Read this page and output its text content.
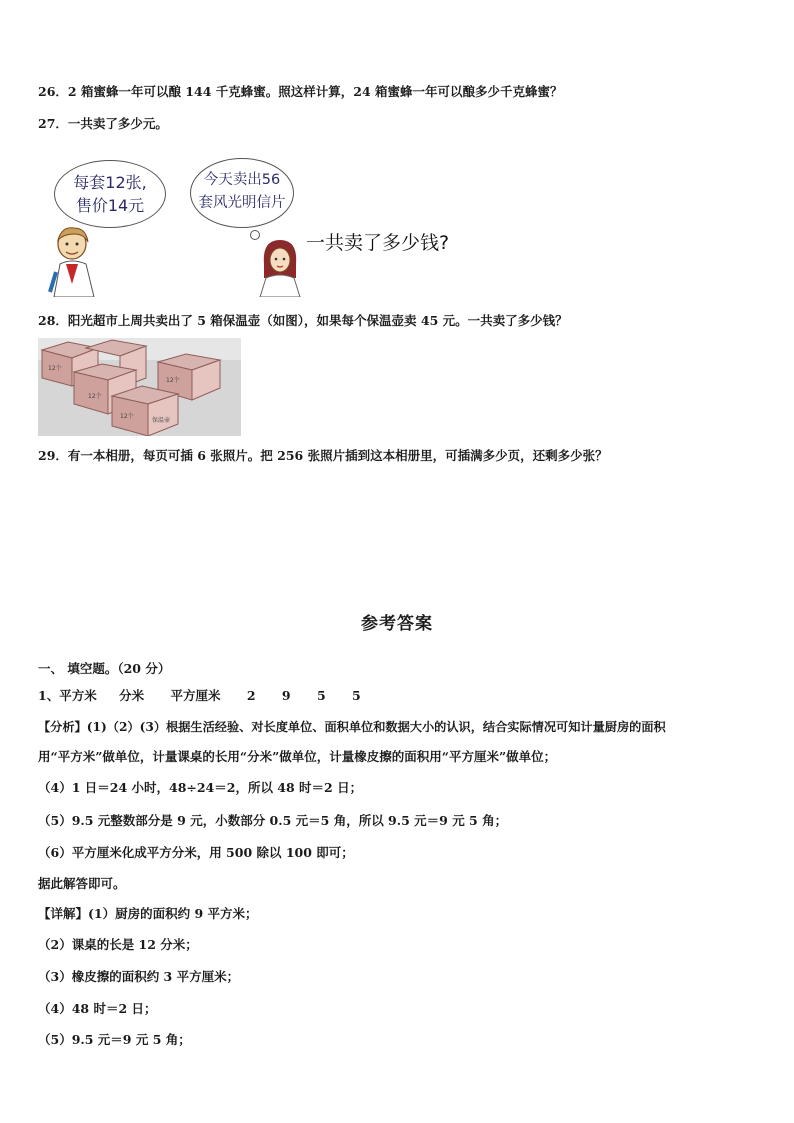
26．2 箱蜜蜂一年可以酿 144 千克蜂蜜。照这样计算，24 箱蜜蜂一年可以酿多少千克蜂蜜？
27．一共卖了多少元。
每套12张,
售价14元
今天卖出56
套风光明信片
一共卖了多少钱?
28．阳光超市上周共卖出了 5 箱保温壶（如图），如果每个保温壶卖 45 元。一共卖了多少钱？
12个
12个
12个
12个
保温壶
29．有一本相册，每页可插 6 张照片。把 256 张照片插到这本相册里，可插满多少页，还剩多少张？
参考答案
一、 填空题。（20 分）
1、平方米 分米 平方厘米 2 9 5 5
【分析】(1)（2）(3）根据生活经验、对长度单位、面积单位和数据大小的认识，结合实际情况可知计量厨房的面积
用“平方米”做单位，计量课桌的长用“分米”做单位，计量橡皮擦的面积用“平方厘米”做单位；
（4）1 日＝24 小时，48÷24＝2，所以 48 时＝2 日；
（5）9.5 元整数部分是 9 元，小数部分 0.5 元＝5 角，所以 9.5 元＝9 元 5 角；
（6）平方厘米化成平方分米，用 500 除以 100 即可；
据此解答即可。
【详解】(1）厨房的面积约 9 平方米；
（2）课桌的长是 12 分米；
（3）橡皮擦的面积约 3 平方厘米；
（4）48 时＝2 日；
（5）9.5 元＝9 元 5 角；
